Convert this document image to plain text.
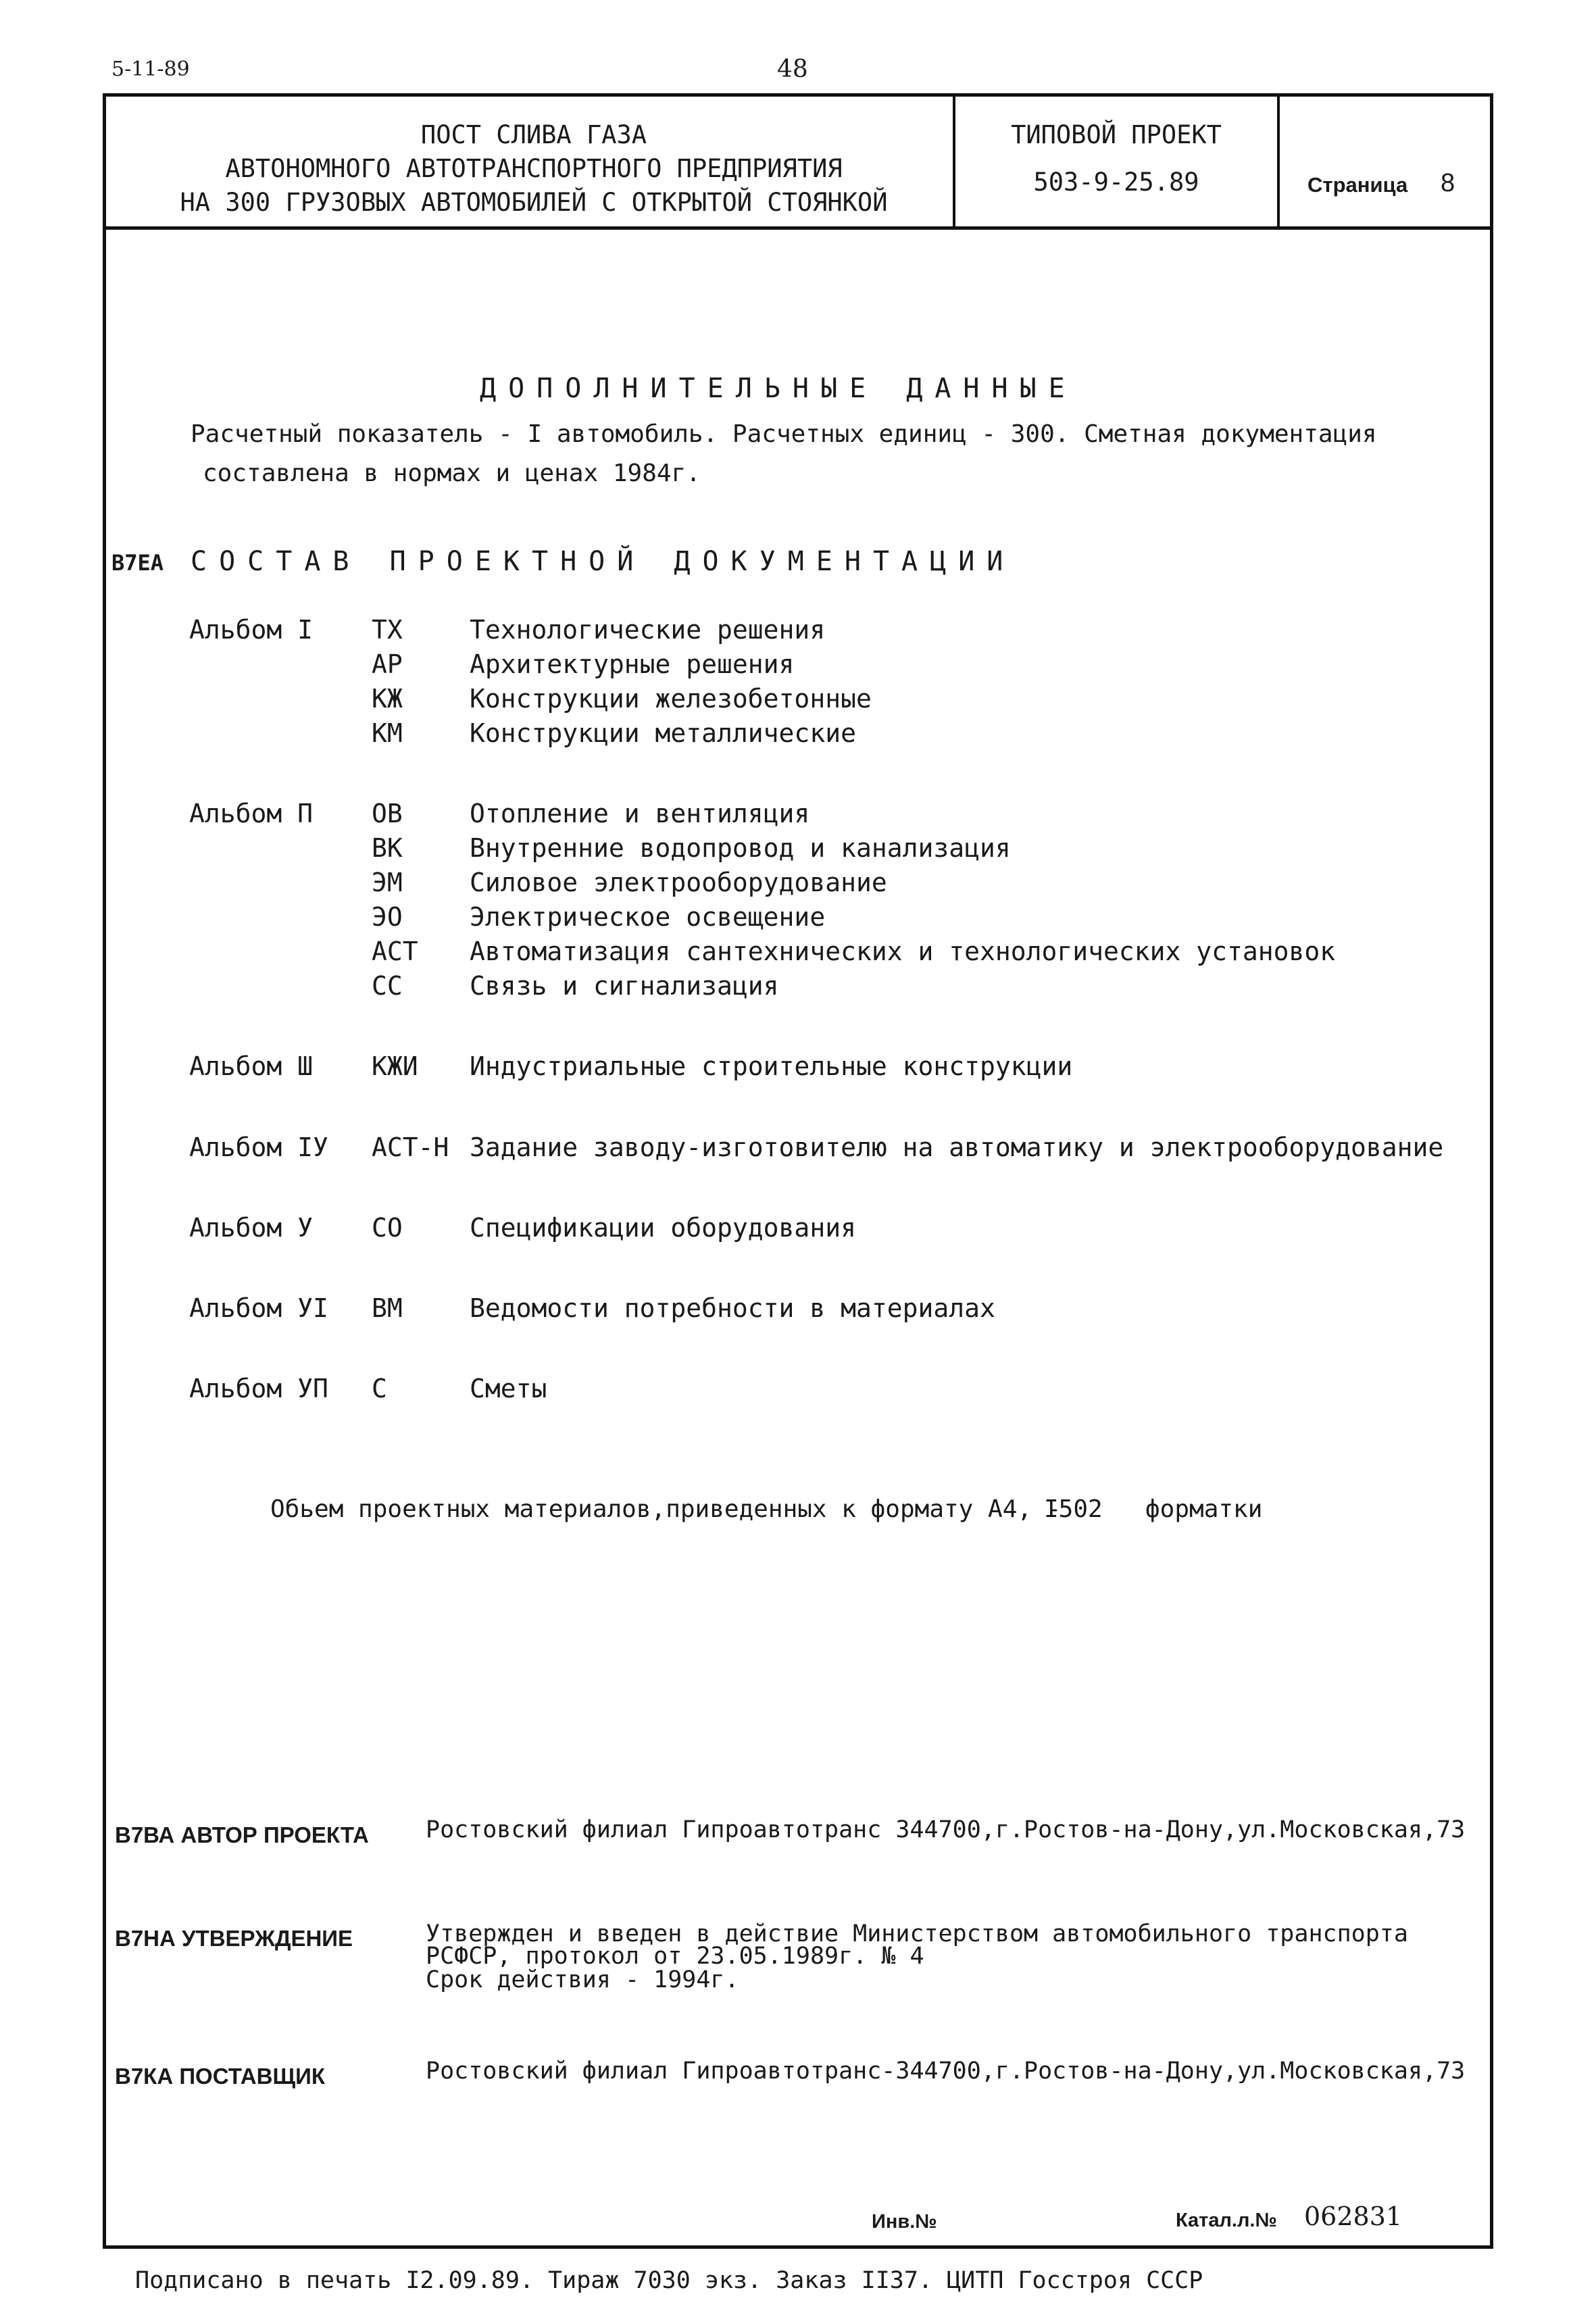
5-11-89	48
ПОСТ СЛИВА ГАЗА
АВТОНОМНОГО АВТОТРАНСПОРТНОГО ПРЕДПРИЯТИЯ
НА 300 ГРУЗОВЫХ АВТОМОБИЛЕЙ С ОТКРЫТОЙ СТОЯНКОЙ
ТИПОВОЙ ПРОЕКТ
503-9-25.89	Страница 8
ДОПОЛНИТЕЛЬНЫЕ ДАННЫЕ
Расчетный показатель - I автомобиль. Расчетных единиц - 300. Сметная документация
составлена в нормах и ценах 1984г.
В7ЕА СОСТАВ ПРОЕКТНОЙ ДОКУМЕНТАЦИИ
Альбом I ТХ	Технологические решения
АР	Архитектурные решения
КЖ	Конструкции железобетонные
КМ	Конструкции металлические
Альбом П ОВ	Отопление и вентиляция
ВК	Внутренние водопровод и канализация
ЭМ	Силовое электрооборудование
ЭО	Электрическое освещение
АСТ Автоматизация сантехнических и технологических установок
СС	Связь и сигнализация
Альбом Ш КЖИ Индустриальные строительные конструкции
Альбом IУ АСТ-Н Задание заводу-изготовителю на автоматику и электрооборудование
Альбом У СО	Спецификации оборудования
Альбом УI ВМ	Ведомости потребности в материалах
Альбом УП С	Сметы
Обьем проектных материалов,приведенных к формату А4, -
I502 форматки
В7ВА АВТОР ПРОЕКТА Ростовский филиал Гипроавтотранс 344700,г.Ростов-на-Дону,ул.Московская,73
В7НА УТВЕРЖДЕНИЕ	Утвержден и введен в действие Министерством автомобильного транспорта
РСФСР, протокол от 23.05.1989г. № 4
Срок действия - 1994г.
В7КА ПОСТАВЩИК	Ростовский филиал Гипроавтотранс-344700,г.Ростов-на-Дону,ул.Московская,73
Инв.№	Катал.л.№ 062831
Подписано в печать I2.09.89. Тираж 7030 экз. Заказ II37. ЦИТП Госстроя СССР
